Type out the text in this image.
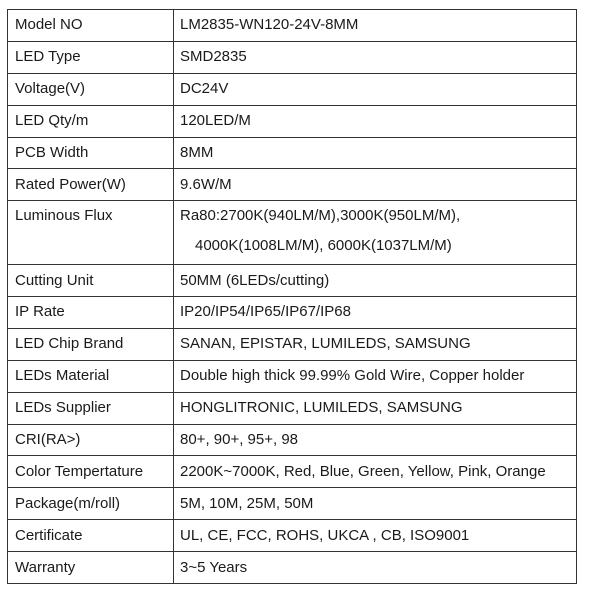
Model NO	LM2835-WN120-24V-8MM
LED Type	SMD2835
Voltage(V)	DC24V
LED Qty/m	120LED/M
PCB Width	8MM
Rated Power(W)	9.6W/M

Luminous Flux	Ra80:2700K(940LM/M),3000K(950LM/M),
4000K(1008LM/M), 6000K(1037LM/M)

Cutting Unit	50MM (6LEDs/cutting)
IP Rate	IP20/IP54/IP65/IP67/IP68
LED Chip Brand	SANAN, EPISTAR, LUMILEDS, SAMSUNG
LEDs Material	Double high thick 99.99% Gold Wire, Copper holder
LEDs Supplier	HONGLITRONIC, LUMILEDS, SAMSUNG
CRI(RA>)	80+, 90+, 95+, 98
Color Tempertature	2200K~7000K, Red, Blue, Green, Yellow, Pink, Orange
Package(m/roll)	5M, 10M, 25M, 50M
Certificate	UL, CE, FCC, ROHS, UKCA , CB, ISO9001
Warranty	3~5 Years
